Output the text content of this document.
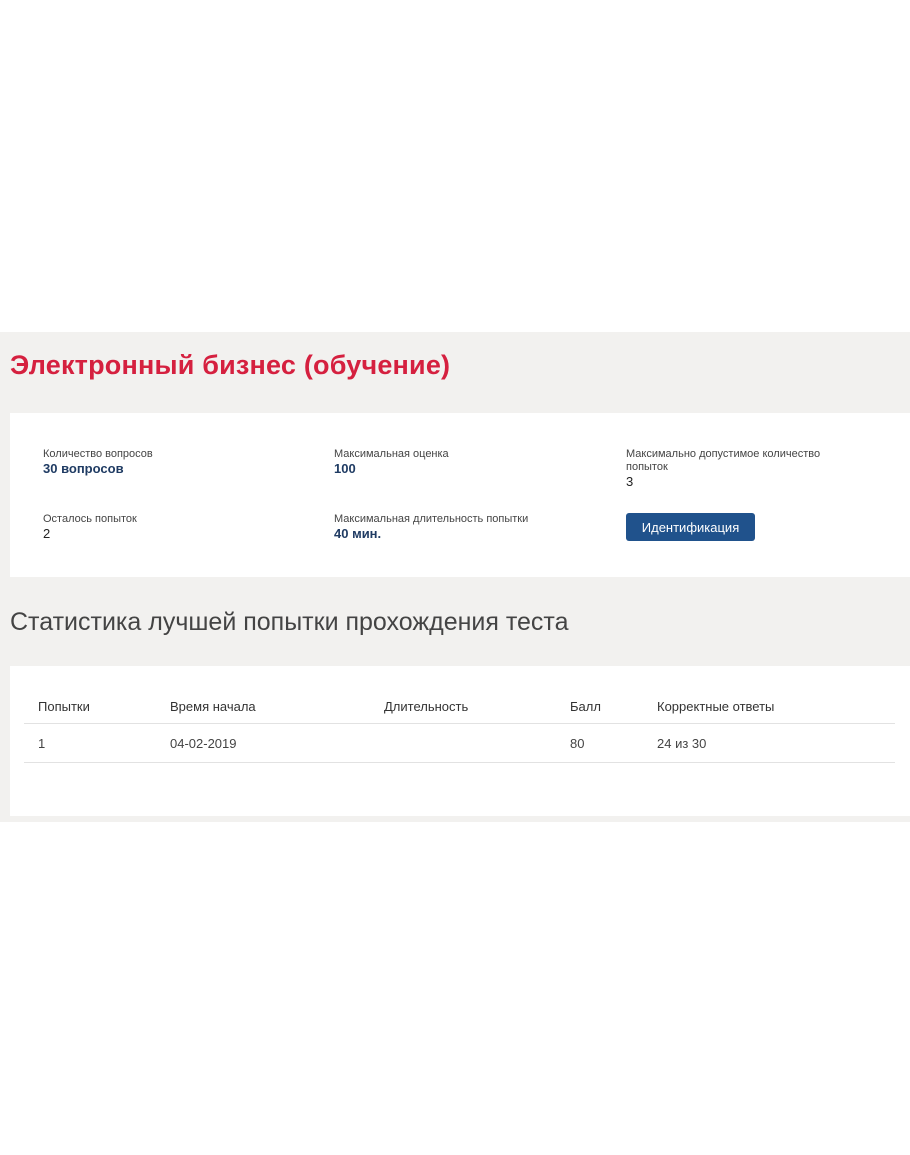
Электронный бизнес (обучение)
Количество вопросов
30 вопросов
Максимальная оценка
100
Максимально допустимое количество попыток
3
Осталось попыток
2
Максимальная длительность попытки
40 мин.	Идентификация
Статистика лучшей попытки прохождения теста
Попытки	Время начала	Длительность	Балл	Корректные ответы
1	04-02-2019		80	24 из 30
